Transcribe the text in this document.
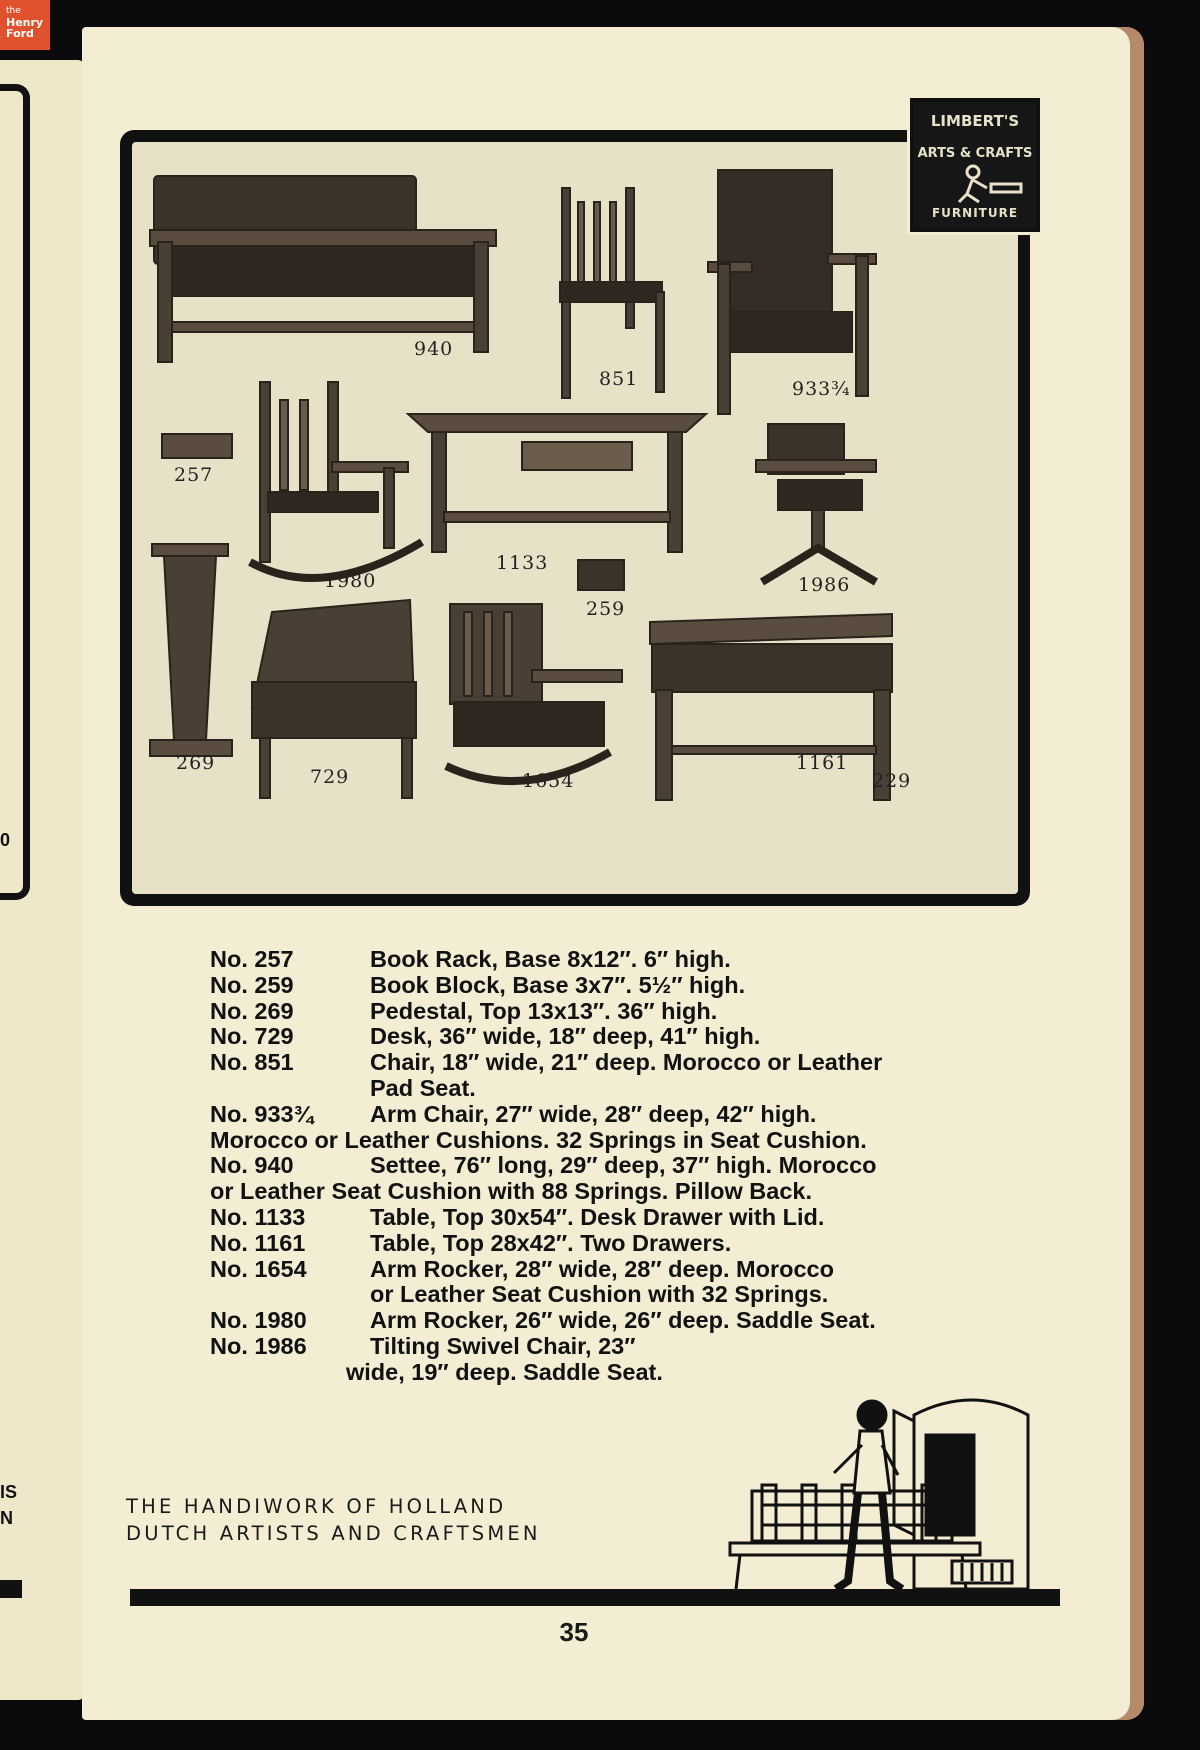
the
Henry
Ford
0
IS
N
940
851	933¾
257
1980
1133
259
1986
269
729	1654
1161
229
LIMBERT'S
ARTS & CRAFTS
FURNITURE
No. 257	Book Rack, Base 8x12″. 6″ high.
No. 259	Book Block, Base 3x7″. 5½″ high.
No. 269	Pedestal, Top 13x13″. 36″ high.
No. 729	Desk, 36″ wide, 18″ deep, 41″ high.
No. 851	Chair, 18″ wide, 21″ deep. Morocco or Leather
Pad Seat.
No. 933¾	Arm Chair, 27″ wide, 28″ deep, 42″ high.
Morocco or Leather Cushions. 32 Springs in Seat Cushion.
No. 940	Settee, 76″ long, 29″ deep, 37″ high. Morocco
or Leather Seat Cushion with 88 Springs. Pillow Back.
No. 1133	Table, Top 30x54″. Desk Drawer with Lid.
No. 1161	Table, Top 28x42″. Two Drawers.
No. 1654	Arm Rocker, 28″ wide, 28″ deep. Morocco
or Leather Seat Cushion with 32 Springs.
No. 1980	Arm Rocker, 26″ wide, 26″ deep. Saddle Seat.
No. 1986	Tilting Swivel Chair, 23″
wide, 19″ deep. Saddle Seat.
THE HANDIWORK OF HOLLAND
DUTCH ARTISTS AND CRAFTSMEN
35
